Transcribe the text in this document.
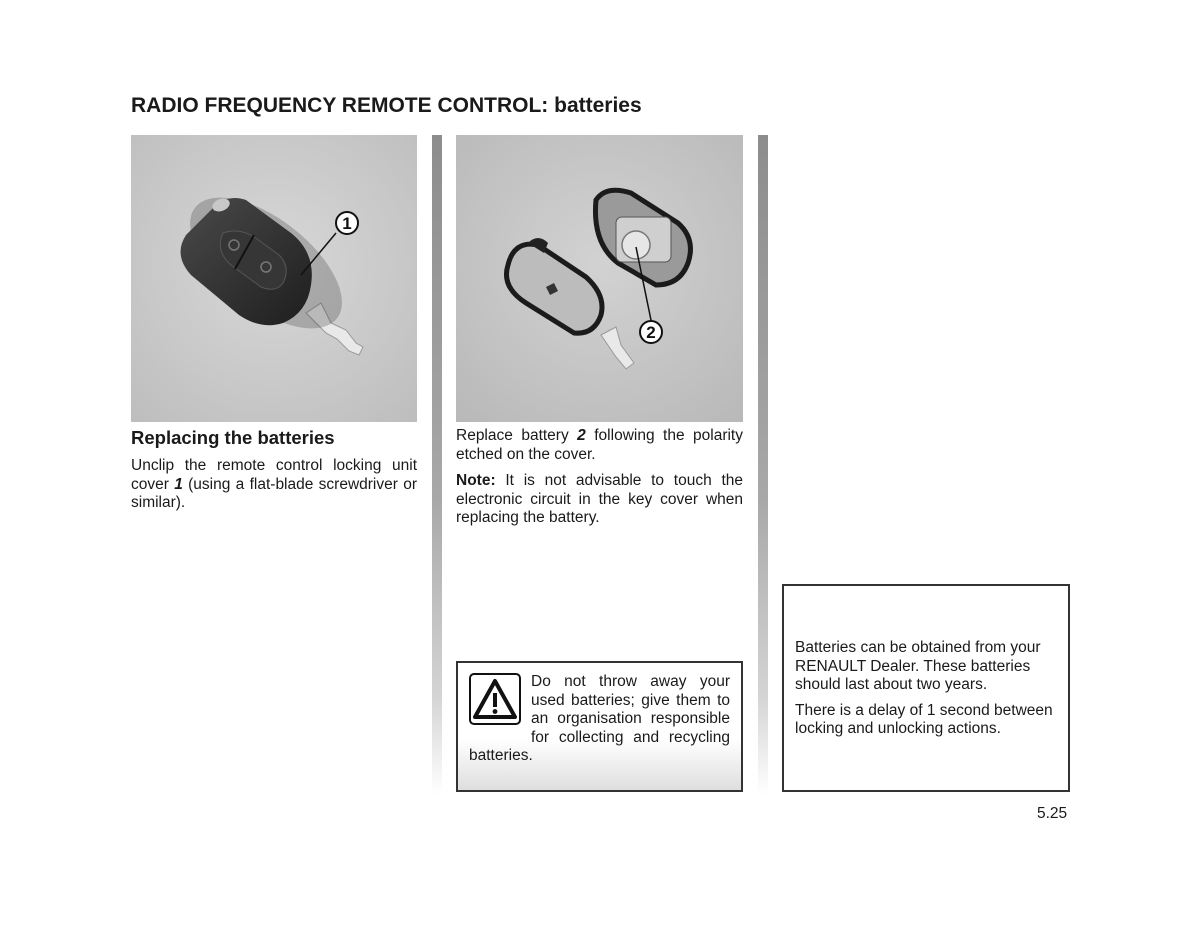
RADIO FREQUENCY REMOTE CONTROL: batteries
1
2
Replacing the batteries
Unclip the remote control locking unit cover 1 (using a flat-blade screwdriver or similar).
Replace battery 2 following the polarity etched on the cover.
Note: It is not advisable to touch the electronic circuit in the key cover when replacing the battery.
Do not throw away your used batteries; give them to an organisation responsible for collecting and recycling batteries.
Batteries can be obtained from your RENAULT Dealer. These batteries should last about two years.
There is a delay of 1 second between locking and unlocking actions.
5.25
